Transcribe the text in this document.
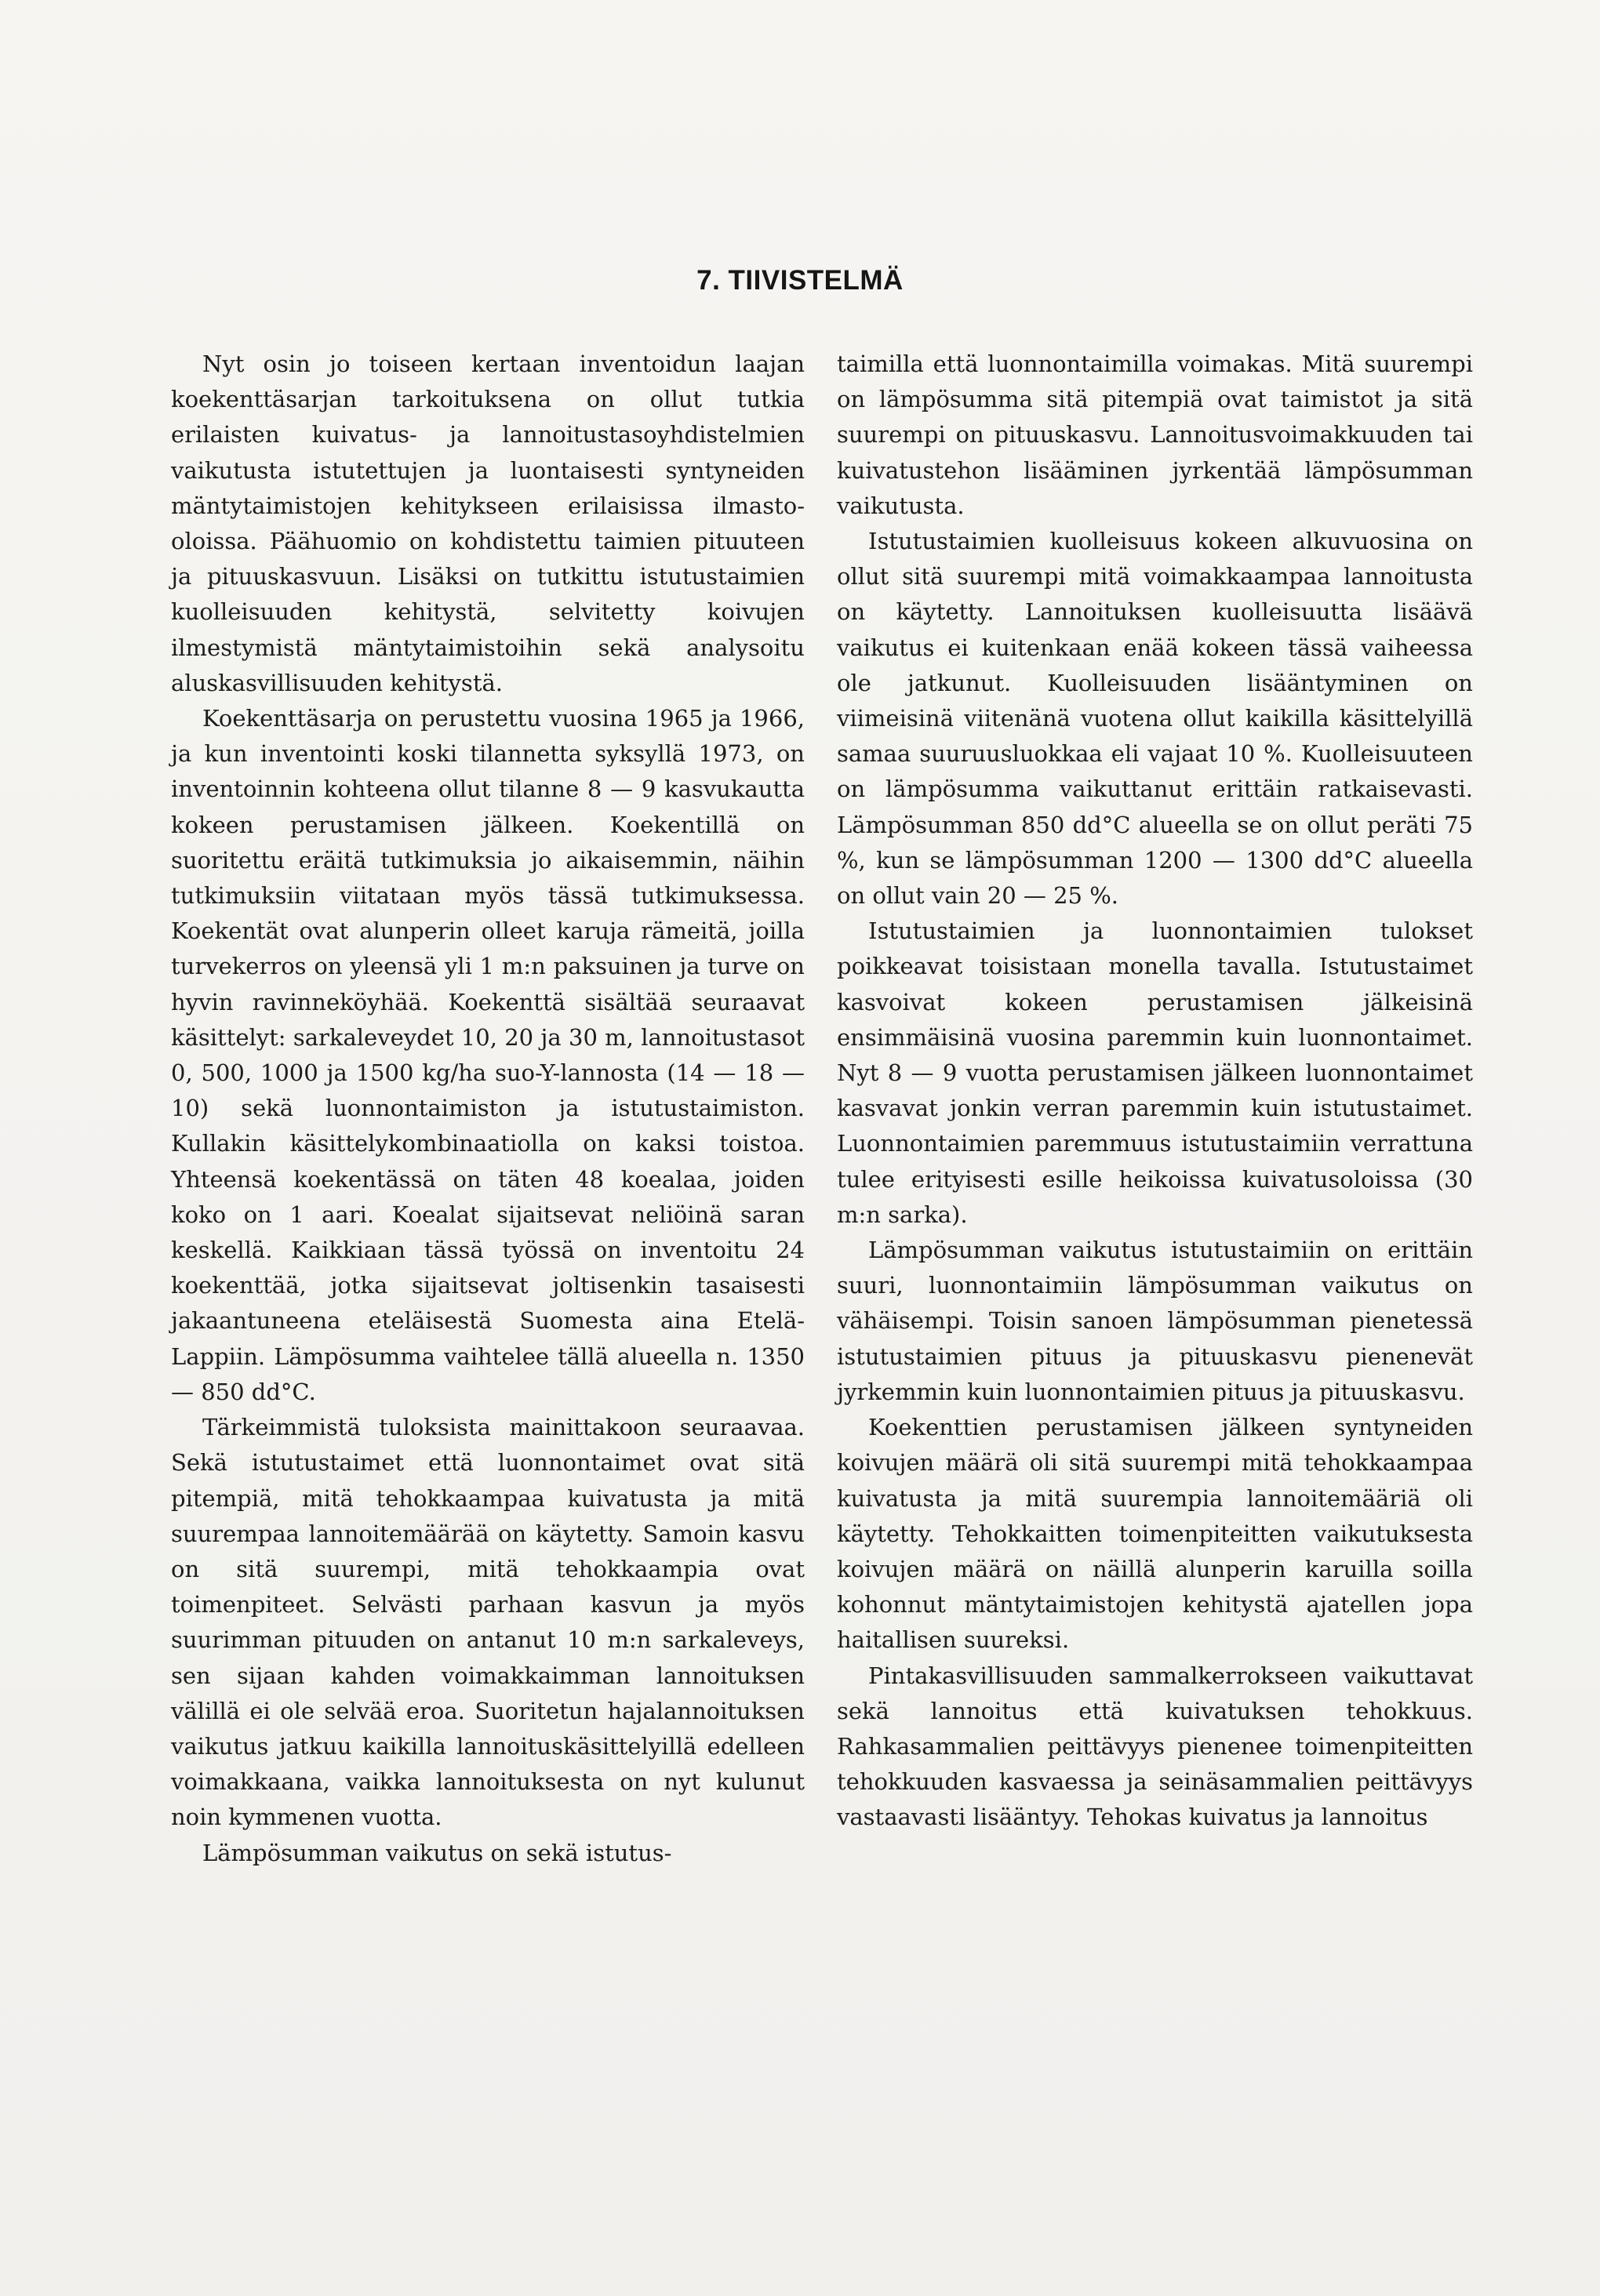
7. TIIVISTELMÄ

Nyt osin jo toiseen kertaan inventoidun laajan koekenttäsarjan tarkoituksena on ollut tutkia erilaisten kuivatus- ja lannoitustasoyhdistelmien vaikutusta istutettujen ja luontaisesti syntyneiden mäntytaimistojen kehitykseen erilaisissa ilmasto-oloissa. Päähuomio on kohdistettu taimien pituuteen ja pituuskasvuun. Lisäksi on tutkittu istutustaimien kuolleisuuden kehitystä, selvitetty koivujen ilmestymistä mäntytaimistoihin sekä analysoitu aluskasvillisuuden kehitystä.

Koekenttäsarja on perustettu vuosina 1965 ja 1966, ja kun inventointi koski tilannetta syksyllä 1973, on inventoinnin kohteena ollut tilanne 8 — 9 kasvukautta kokeen perustamisen jälkeen. Koekentillä on suoritettu eräitä tutkimuksia jo aikaisemmin, näihin tutkimuksiin viitataan myös tässä tutkimuksessa. Koekentät ovat alunperin olleet karuja rämeitä, joilla turvekerros on yleensä yli 1 m:n paksuinen ja turve on hyvin ravinneköyhää. Koekenttä sisältää seuraavat käsittelyt: sarkaleveydet 10, 20 ja 30 m, lannoitustasot 0, 500, 1000 ja 1500 kg/ha suo-Y-lannosta (14 — 18 — 10) sekä luonnontaimiston ja istutustaimiston. Kullakin käsittelykombinaatiolla on kaksi toistoa. Yhteensä koekentässä on täten 48 koealaa, joiden koko on 1 aari. Koealat sijaitsevat neliöinä saran keskellä. Kaikkiaan tässä työssä on inventoitu 24 koekenttää, jotka sijaitsevat joltisenkin tasaisesti jakaantuneena eteläisestä Suomesta aina Etelä-Lappiin. Lämpösumma vaihtelee tällä alueella n. 1350 — 850 dd°C.

Tärkeimmistä tuloksista mainittakoon seuraavaa. Sekä istutustaimet että luonnontaimet ovat sitä pitempiä, mitä tehokkaampaa kuivatusta ja mitä suurempaa lannoitemäärää on käytetty. Samoin kasvu on sitä suurempi, mitä tehokkaampia ovat toimenpiteet. Selvästi parhaan kasvun ja myös suurimman pituuden on antanut 10 m:n sarkaleveys, sen sijaan kahden voimakkaimman lannoituksen välillä ei ole selvää eroa. Suoritetun hajalannoituksen vaikutus jatkuu kaikilla lannoituskäsittelyillä edelleen voimakkaana, vaikka lannoituksesta on nyt kulunut noin kymmenen vuotta.

Lämpösumman vaikutus on sekä istutus-

taimilla että luonnontaimilla voimakas. Mitä suurempi on lämpösumma sitä pitempiä ovat taimistot ja sitä suurempi on pituuskasvu. Lannoitusvoimakkuuden tai kuivatustehon lisääminen jyrkentää lämpösumman vaikutusta.

Istutustaimien kuolleisuus kokeen alkuvuosina on ollut sitä suurempi mitä voimakkaampaa lannoitusta on käytetty. Lannoituksen kuolleisuutta lisäävä vaikutus ei kuitenkaan enää kokeen tässä vaiheessa ole jatkunut. Kuolleisuuden lisääntyminen on viimeisinä viitenänä vuotena ollut kaikilla käsittelyillä samaa suuruusluokkaa eli vajaat 10 %. Kuolleisuuteen on lämpösumma vaikuttanut erittäin ratkaisevasti. Lämpösumman 850 dd°C alueella se on ollut peräti 75 %, kun se lämpösumman 1200 — 1300 dd°C alueella on ollut vain 20 — 25 %.

Istutustaimien ja luonnontaimien tulokset poikkeavat toisistaan monella tavalla. Istutustaimet kasvoivat kokeen perustamisen jälkeisinä ensimmäisinä vuosina paremmin kuin luonnontaimet. Nyt 8 — 9 vuotta perustamisen jälkeen luonnontaimet kasvavat jonkin verran paremmin kuin istutustaimet. Luonnontaimien paremmuus istutustaimiin verrattuna tulee erityisesti esille heikoissa kuivatusoloissa (30 m:n sarka).

Lämpösumman vaikutus istutustaimiin on erittäin suuri, luonnontaimiin lämpösumman vaikutus on vähäisempi. Toisin sanoen lämpösumman pienetessä istutustaimien pituus ja pituuskasvu pienenevät jyrkemmin kuin luonnontaimien pituus ja pituuskasvu.

Koekenttien perustamisen jälkeen syntyneiden koivujen määrä oli sitä suurempi mitä tehokkaampaa kuivatusta ja mitä suurempia lannoitemääriä oli käytetty. Tehokkaitten toimenpiteitten vaikutuksesta koivujen määrä on näillä alunperin karuilla soilla kohonnut mäntytaimistojen kehitystä ajatellen jopa haitallisen suureksi.

Pintakasvillisuuden sammalkerrokseen vaikuttavat sekä lannoitus että kuivatuksen tehokkuus. Rahkasammalien peittävyys pienenee toimenpiteitten tehokkuuden kasvaessa ja seinäsammalien peittävyys vastaavasti lisääntyy. Tehokas kuivatus ja lannoitus
